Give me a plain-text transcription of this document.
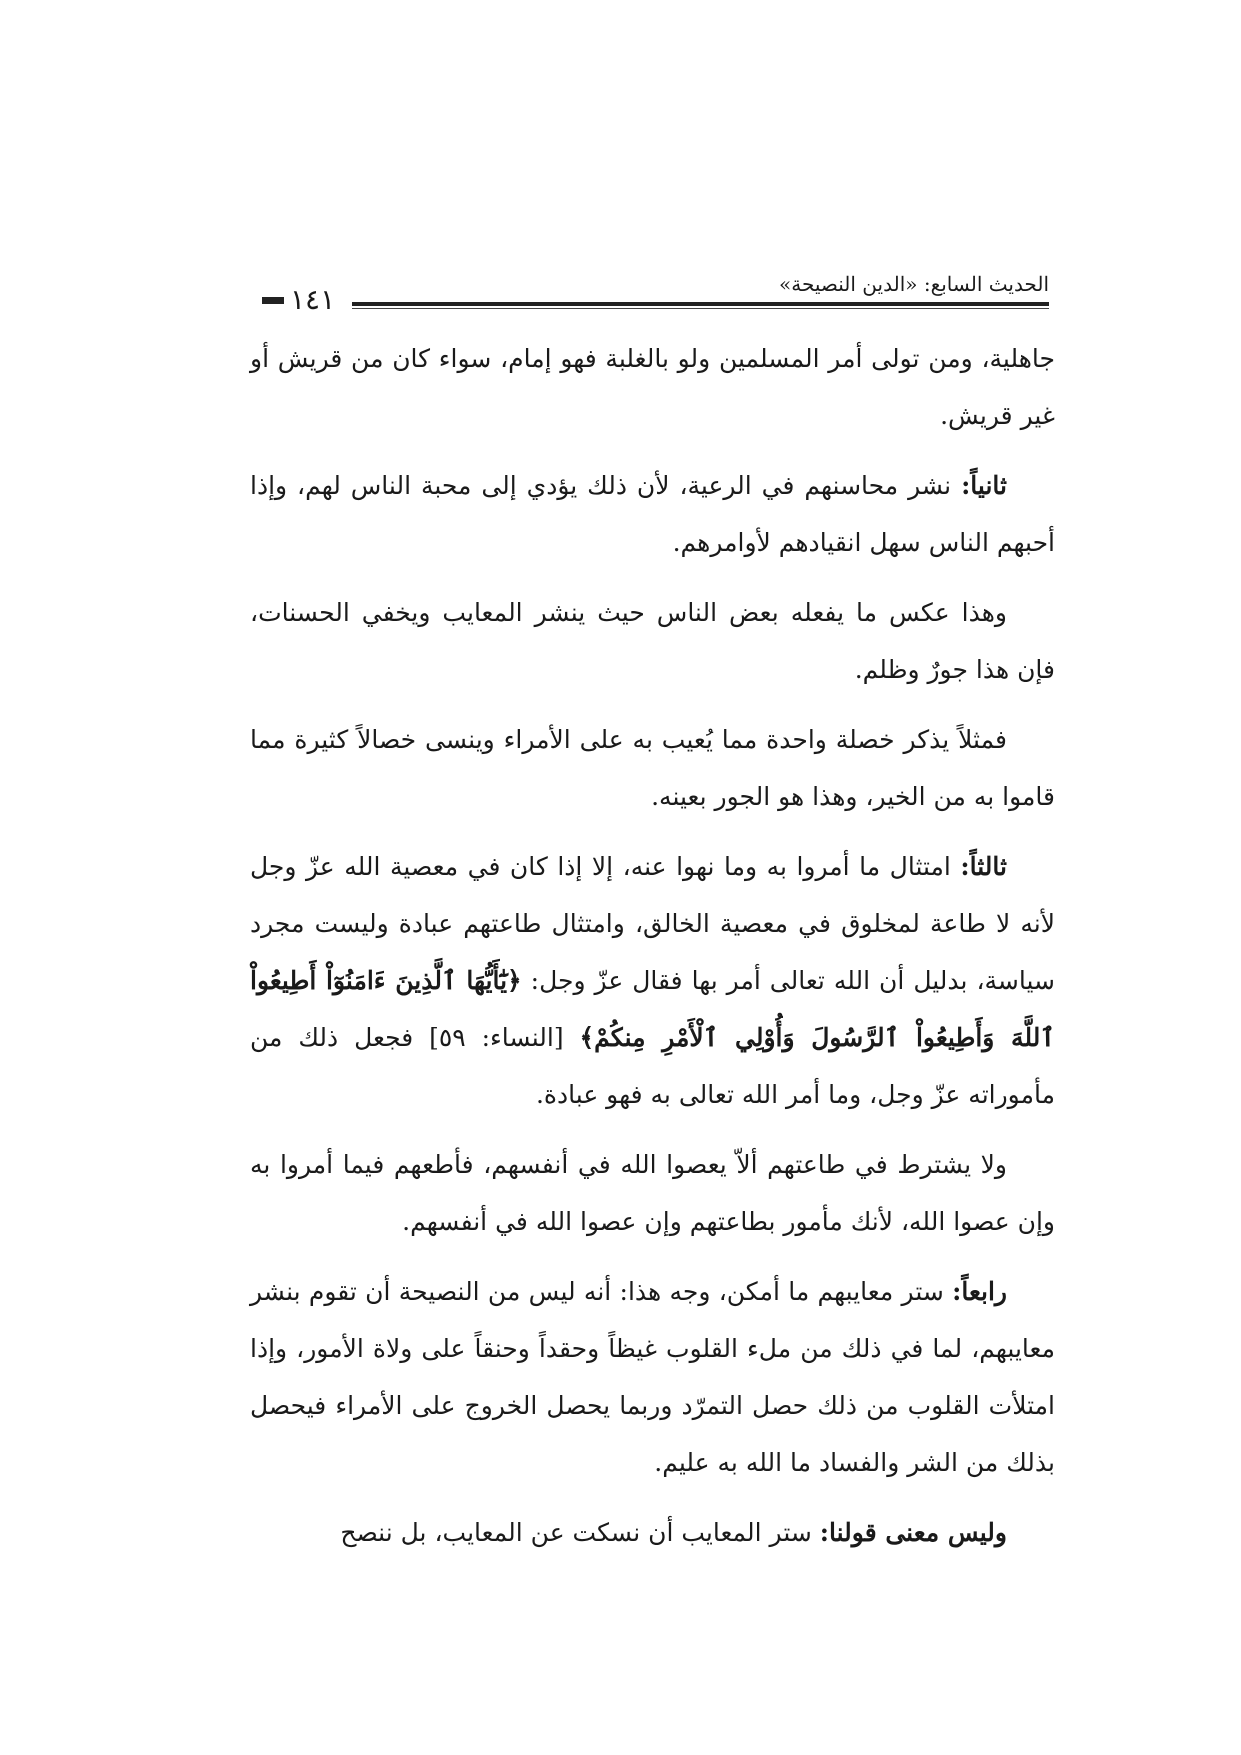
١٤١	الحديث السابع: «الدين النصيحة»

جاهلية، ومن تولى أمر المسلمين ولو بالغلبة فهو إمام، سواء كان من قريش أو غير قريش.

ثانياً: نشر محاسنهم في الرعية، لأن ذلك يؤدي إلى محبة الناس لهم، وإذا أحبهم الناس سهل انقيادهم لأوامرهم.

وهذا عكس ما يفعله بعض الناس حيث ينشر المعايب ويخفي الحسنات، فإن هذا جورٌ وظلم.

فمثلاً يذكر خصلة واحدة مما يُعيب به على الأمراء وينسى خصالاً كثيرة مما قاموا به من الخير، وهذا هو الجور بعينه.

ثالثاً: امتثال ما أمروا به وما نهوا عنه، إلا إذا كان في معصية الله عزّ وجل لأنه لا طاعة لمخلوق في معصية الخالق، وامتثال طاعتهم عبادة وليست مجرد سياسة، بدليل أن الله تعالى أمر بها فقال عزّ وجل: ﴿يَٰٓأَيُّهَا ٱلَّذِينَ ءَامَنُوٓاْ أَطِيعُواْ ٱللَّهَ وَأَطِيعُواْ ٱلرَّسُولَ وَأُوْلِي ٱلْأَمْرِ مِنكُمْ﴾ [النساء: ٥٩] فجعل ذلك من مأموراته عزّ وجل، وما أمر الله تعالى به فهو عبادة.

ولا يشترط في طاعتهم ألاّ يعصوا الله في أنفسهم، فأطعهم فيما أمروا به وإن عصوا الله، لأنك مأمور بطاعتهم وإن عصوا الله في أنفسهم.

رابعاً: ستر معايبهم ما أمكن، وجه هذا: أنه ليس من النصيحة أن تقوم بنشر معايبهم، لما في ذلك من ملء القلوب غيظاً وحقداً وحنقاً على ولاة الأمور، وإذا امتلأت القلوب من ذلك حصل التمرّد وربما يحصل الخروج على الأمراء فيحصل بذلك من الشر والفساد ما الله به عليم.

وليس معنى قولنا: ستر المعايب أن نسكت عن المعايب، بل ننصح
